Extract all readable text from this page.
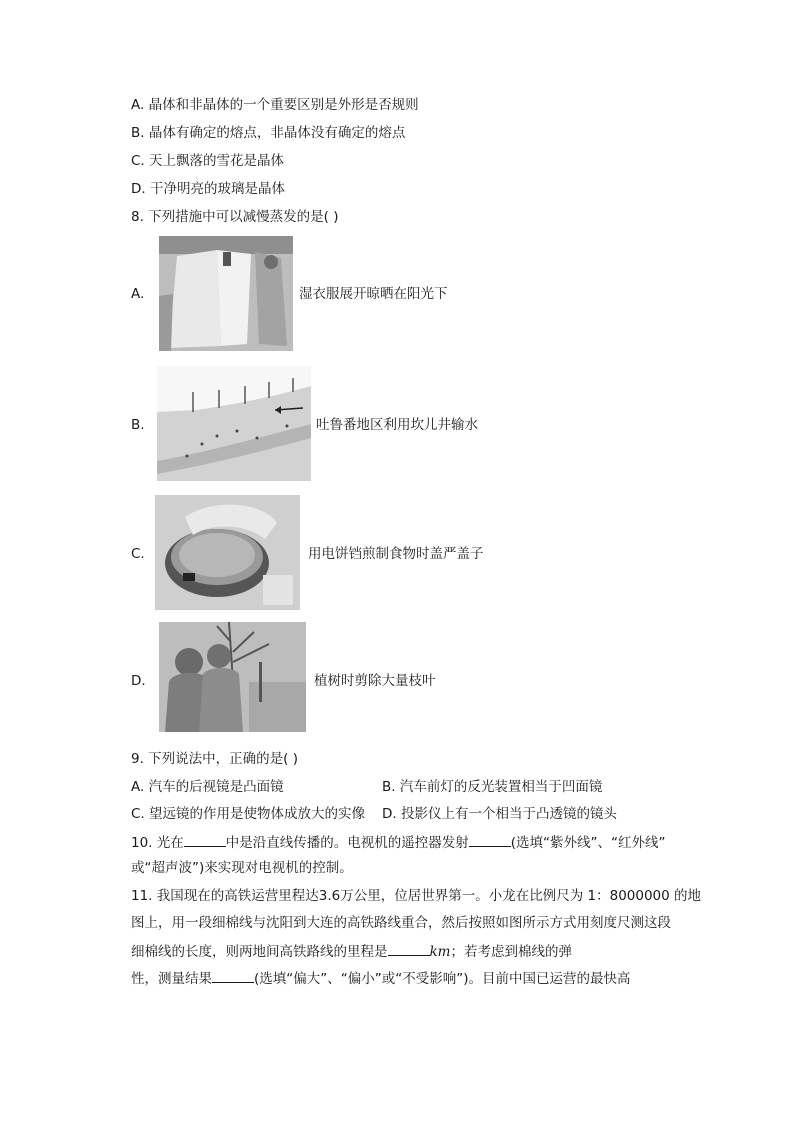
A. 晶体和非晶体的一个重要区别是外形是否规则
B. 晶体有确定的熔点，非晶体没有确定的熔点
C. 天上飘落的雪花是晶体
D. 干净明亮的玻璃是晶体
8. 下列措施中可以减慢蒸发的是( )
A.	湿衣服展开晾晒在阳光下
B.	吐鲁番地区利用坎儿井输水
C.	用电饼铛煎制食物时盖严盖子
D.	植树时剪除大量枝叶
9. 下列说法中，正确的是( )
A. 汽车的后视镜是凸面镜	B. 汽车前灯的反光装置相当于凹面镜
C. 望远镜的作用是使物体成放大的实像 D. 投影仪上有一个相当于凸透镜的镜头
10. 光在	中是沿直线传播的。电视机的遥控器发射	(选填“紫外线”、“红外线”
或“超声波”)来实现对电视机的控制。
11. 我国现在的高铁运营里程达3.6万公里，位居世界第一。小龙在比例尺为 1：8000000 的地
图上，用一段细棉线与沈阳到大连的高铁路线重合，然后按照如图所示方式用刻度尺测这段
细棉线的长度，则两地间高铁路线的里程是	km；若考虑到棉线的弹
性，测量结果	(选填“偏大”、“偏小”或“不受影响”)。目前中国已运营的最快高
